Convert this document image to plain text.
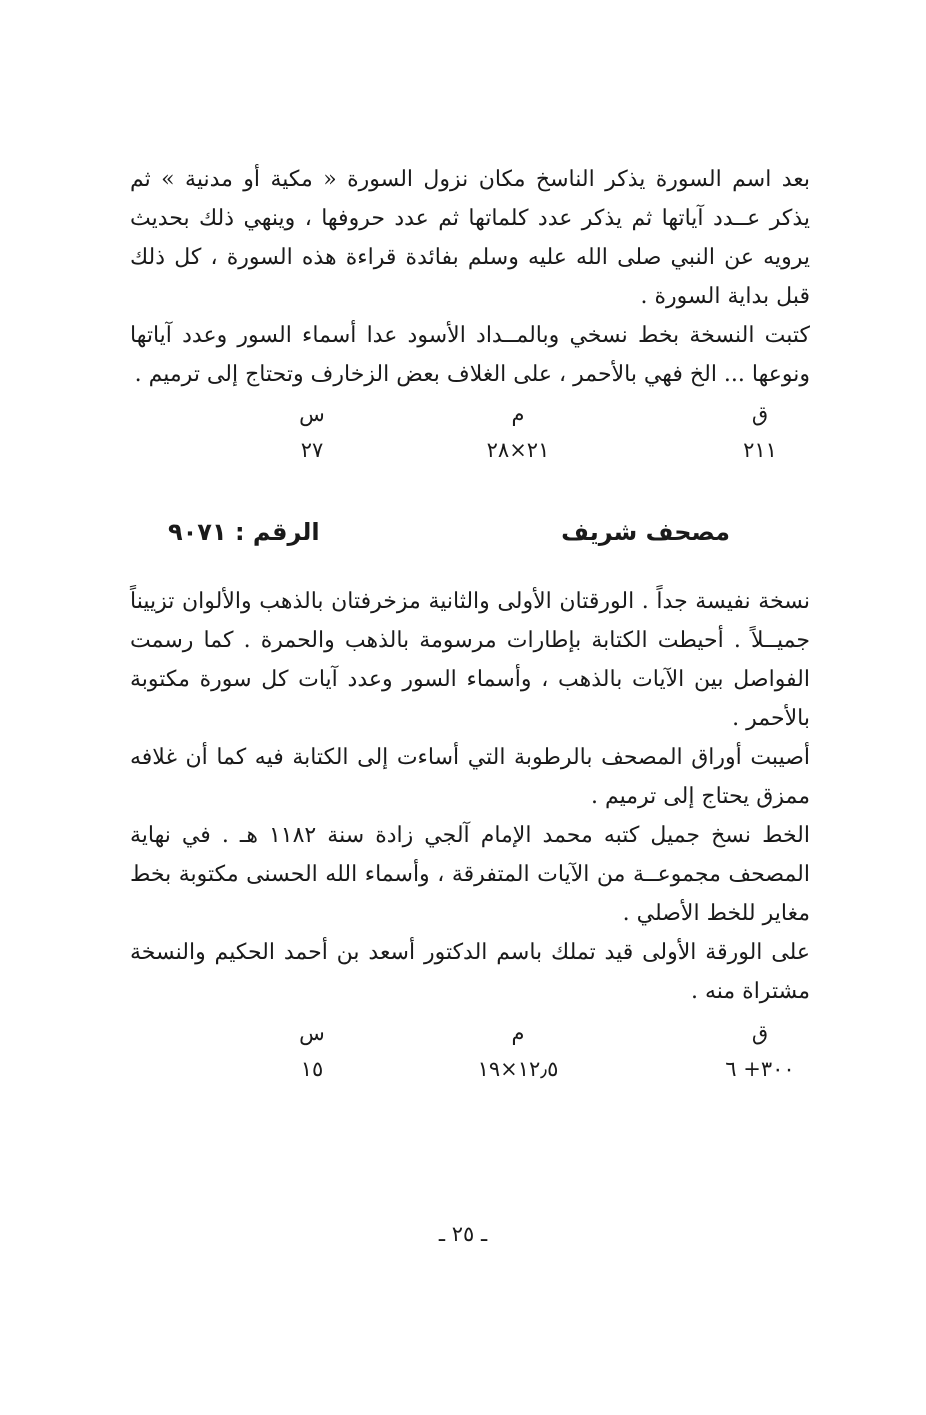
بعد اسم السورة يذكر الناسخ مكان نزول السورة « مكية أو مدنية » ثم يذكر عــدد آياتها ثم يذكر عدد كلماتها ثم عدد حروفها ، وينهي ذلك بحديث يرويه عن النبي صلى الله عليه وسلم بفائدة قراءة هذه السورة ، كل ذلك قبل بداية السورة .

كتبت النسخة بخط نسخي وبالمــداد الأسود عدا أسماء السور وعدد آياتها ونوعها ... الخ فهي بالأحمر ، على الغلاف بعض الزخارف وتحتاج إلى ترميم .

ق
م
س
٢١١
٢١×٢٨
٢٧
مصحف شريف
الرقم : ٩٠٧١

نسخة نفيسة جداً . الورقتان الأولى والثانية مزخرفتان بالذهب والألوان تزييناً جميــلاً . أحيطت الكتابة بإطارات مرسومة بالذهب والحمرة . كما رسمت الفواصل بين الآيات بالذهب ، وأسماء السور وعدد آيات كل سورة مكتوبة بالأحمر .

أصيبت أوراق المصحف بالرطوبة التي أساءت إلى الكتابة فيه كما أن غلافه ممزق يحتاج إلى ترميم .

الخط نسخ جميل كتبه محمد الإمام آلجي زادة سنة ١١٨٢ هـ . في نهاية المصحف مجموعــة من الآيات المتفرقة ، وأسماء الله الحسنى مكتوبة بخط مغاير للخط الأصلي .

على الورقة الأولى قيد تملك باسم الدكتور أسعد بن أحمد الحكيم والنسخة مشتراة منه .

ق
م
س
٣٠٠+ ٦
١٢٫٥×١٩
١٥
ـ ٢٥ ـ
